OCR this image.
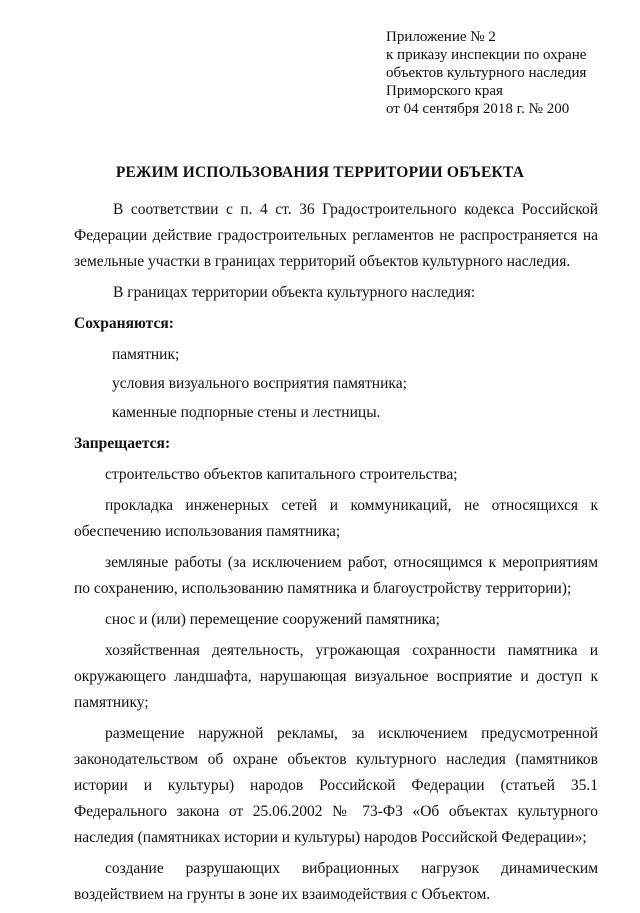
Приложение № 2
к приказу инспекции по охране
объектов культурного наследия
Приморского края
от 04 сентября 2018 г. № 200
РЕЖИМ ИСПОЛЬЗОВАНИЯ ТЕРРИТОРИИ ОБЪЕКТА

В соответствии с п. 4 ст. 36 Градостроительного кодекса Российской Федерации действие градостроительных регламентов не распространяется на земельные участки в границах территорий объектов культурного наследия.

В границах территории объекта культурного наследия:

Сохраняются:

памятник;

условия визуального восприятия памятника;

каменные подпорные стены и лестницы.

Запрещается:

строительство объектов капитального строительства;

прокладка инженерных сетей и коммуникаций, не относящихся к обеспечению использования памятника;

земляные работы (за исключением работ, относящимся к мероприятиям по сохранению, использованию памятника и благоустройству территории);

снос и (или) перемещение сооружений памятника;

хозяйственная деятельность, угрожающая сохранности памятника и окружающего ландшафта, нарушающая визуальное восприятие и доступ к памятнику;

размещение наружной рекламы, за исключением предусмотренной законодательством об охране объектов культурного наследия (памятников истории и культуры) народов Российской Федерации (статьей 35.1 Федерального закона от 25.06.2002 № 73-ФЗ «Об объектах культурного наследия (памятниках истории и культуры) народов Российской Федерации»;

создание разрушающих вибрационных нагрузок динамическим воздействием на грунты в зоне их взаимодействия с Объектом.
